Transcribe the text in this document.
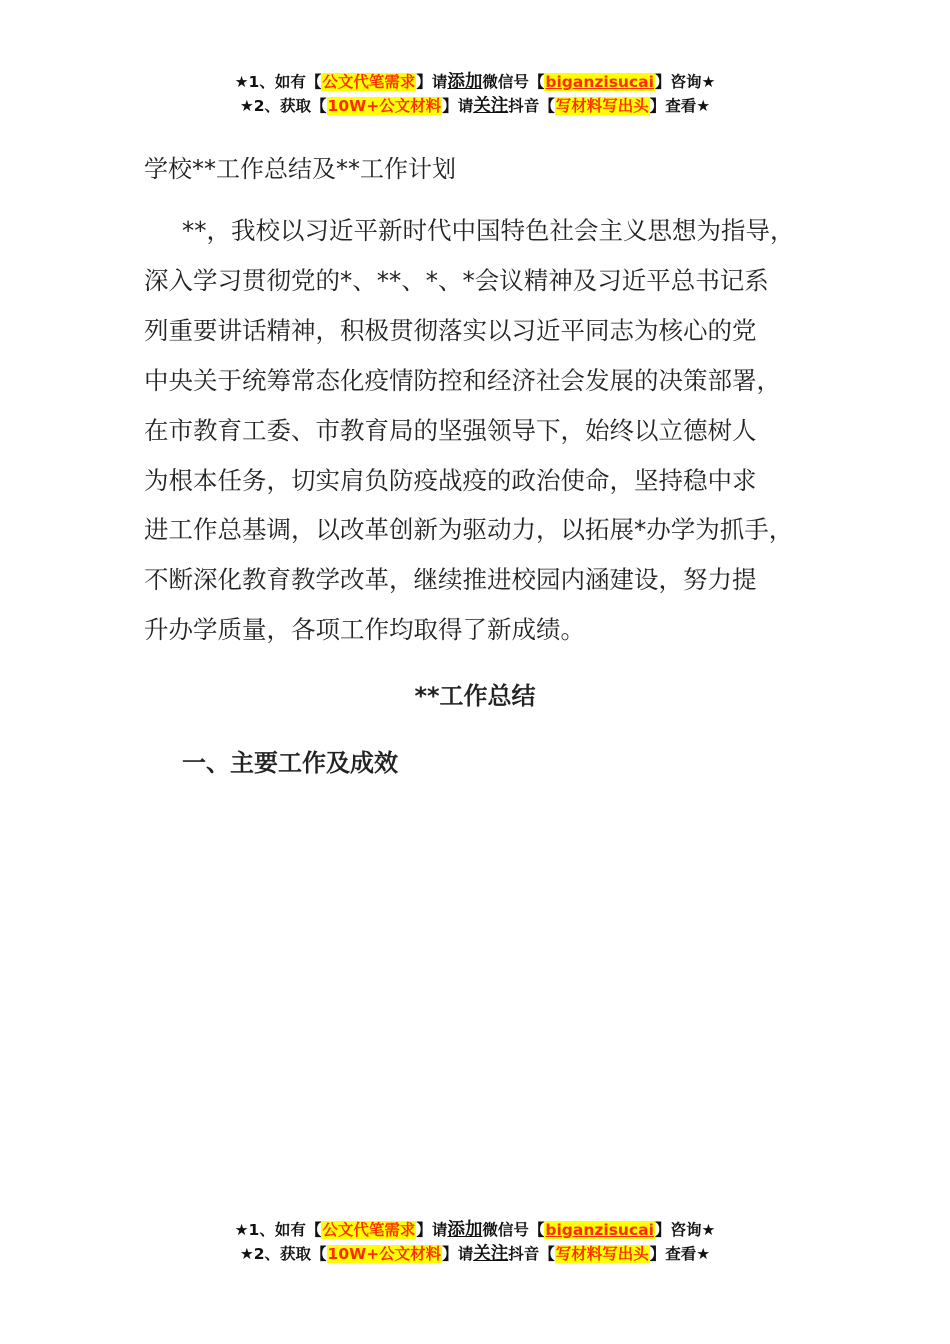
★1、如有【公文代笔需求】请添加微信号【biganzisucai】咨询★
★2、获取【10W+公文材料】请关注抖音【写材料写出头】查看★
学校**工作总结及**工作计划
**，我校以习近平新时代中国特色社会主义思想为指导，
深入学习贯彻党的*、**、*、*会议精神及习近平总书记系
列重要讲话精神，积极贯彻落实以习近平同志为核心的党
中央关于统筹常态化疫情防控和经济社会发展的决策部署，
在市教育工委、市教育局的坚强领导下，始终以立德树人
为根本任务，切实肩负防疫战疫的政治使命，坚持稳中求
进工作总基调，以改革创新为驱动力，以拓展*办学为抓手，
不断深化教育教学改革，继续推进校园内涵建设，努力提
升办学质量，各项工作均取得了新成绩。
**工作总结
一、主要工作及成效
★1、如有【公文代笔需求】请添加微信号【biganzisucai】咨询★
★2、获取【10W+公文材料】请关注抖音【写材料写出头】查看★
